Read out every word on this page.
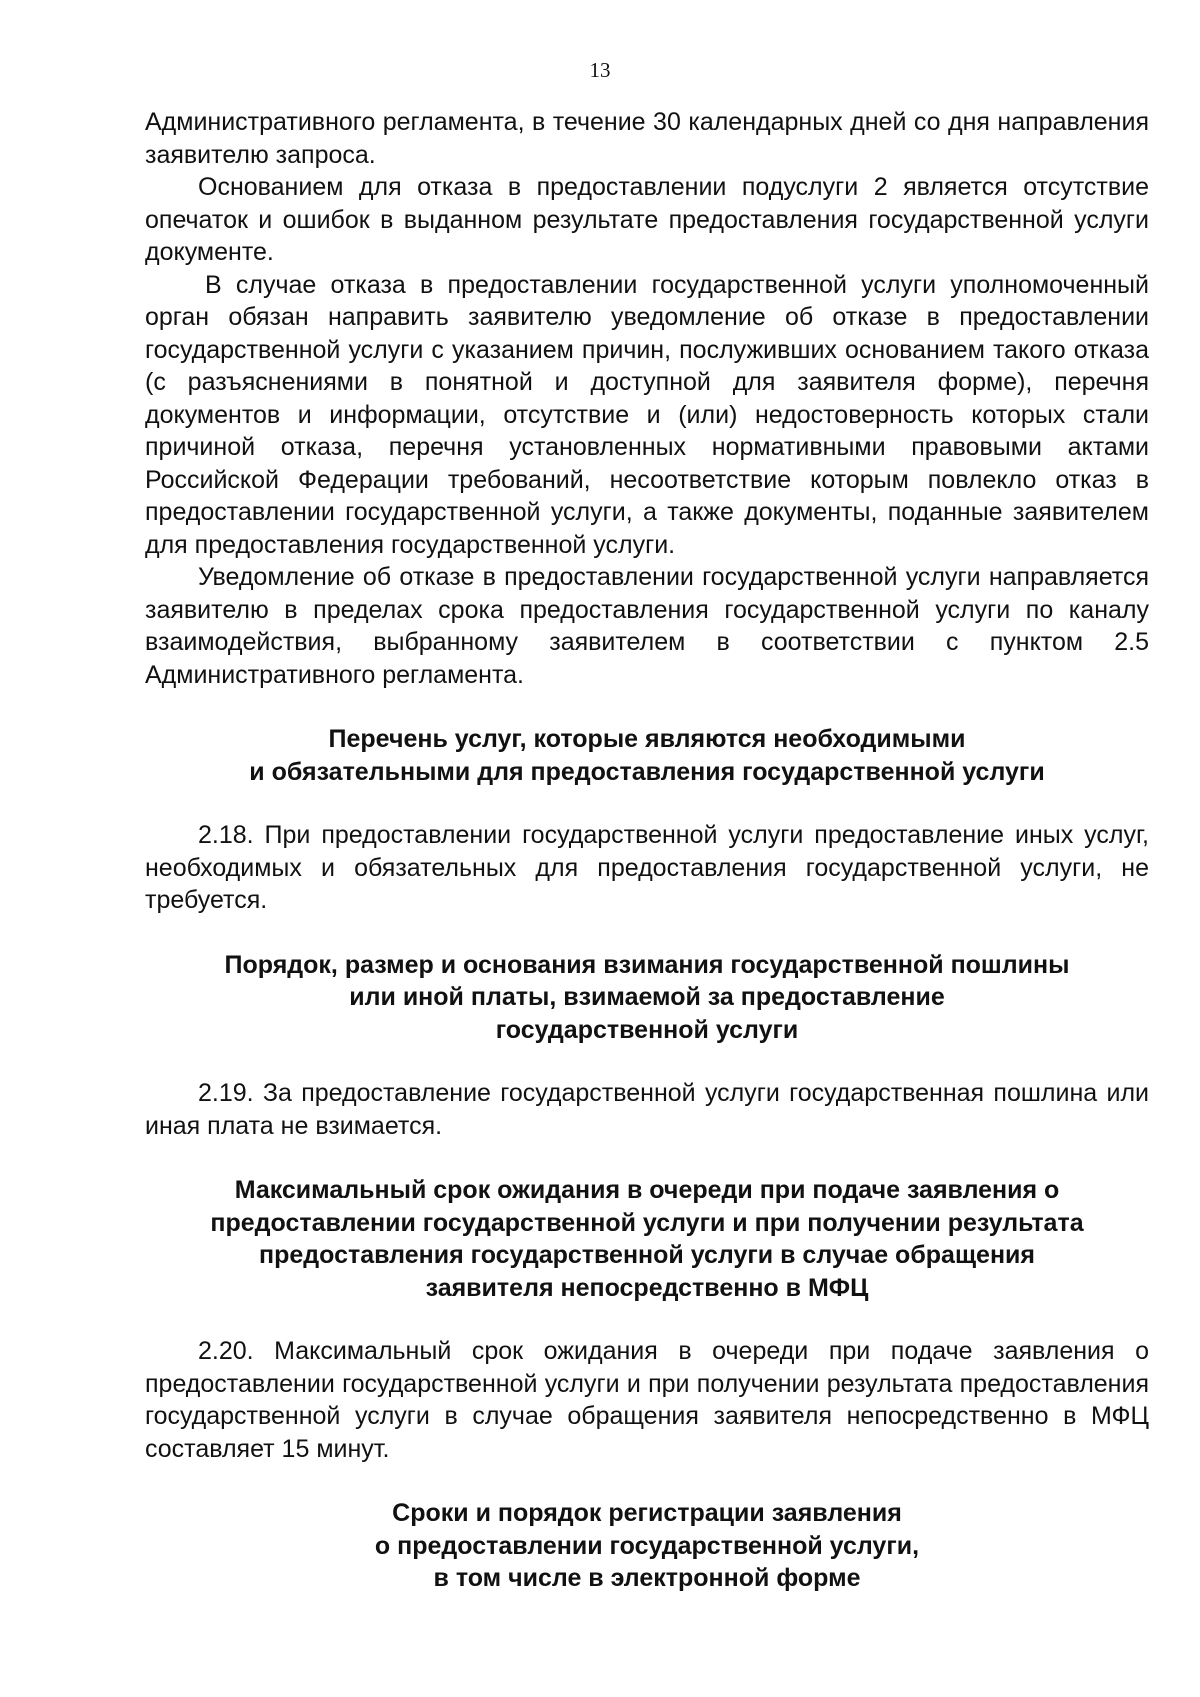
13

Административного регламента, в течение 30 календарных дней со дня направления заявителю запроса.

Основанием для отказа в предоставлении подуслуги 2 является отсутствие опечаток и ошибок в выданном результате предоставления государственной услуги документе.

В случае отказа в предоставлении государственной услуги уполномоченный орган обязан направить заявителю уведомление об отказе в предоставлении государственной услуги с указанием причин, послуживших основанием такого отказа (с разъяснениями в понятной и доступной для заявителя форме), перечня документов и информации, отсутствие и (или) недостоверность которых стали причиной отказа, перечня установленных нормативными правовыми актами Российской Федерации требований, несоответствие которым повлекло отказ в предоставлении государственной услуги, а также документы, поданные заявителем для предоставления государственной услуги.

Уведомление об отказе в предоставлении государственной услуги направляется заявителю в пределах срока предоставления государственной услуги по каналу взаимодействия, выбранному заявителем в соответствии с пунктом 2.5 Административного регламента.

Перечень услуг, которые являются необходимыми
и обязательными для предоставления государственной услуги

2.18. При предоставлении государственной услуги предоставление иных услуг, необходимых и обязательных для предоставления государственной услуги, не требуется.

Порядок, размер и основания взимания государственной пошлины
или иной платы, взимаемой за предоставление
государственной услуги

2.19. За предоставление государственной услуги государственная пошлина или иная плата не взимается.

Максимальный срок ожидания в очереди при подаче заявления о
предоставлении государственной услуги и при получении результата
предоставления государственной услуги в случае обращения
заявителя непосредственно в МФЦ

2.20. Максимальный срок ожидания в очереди при подаче заявления о предоставлении государственной услуги и при получении результата предоставления государственной услуги в случае обращения заявителя непосредственно в МФЦ составляет 15 минут.

Сроки и порядок регистрации заявления
о предоставлении государственной услуги,
в том числе в электронной форме
